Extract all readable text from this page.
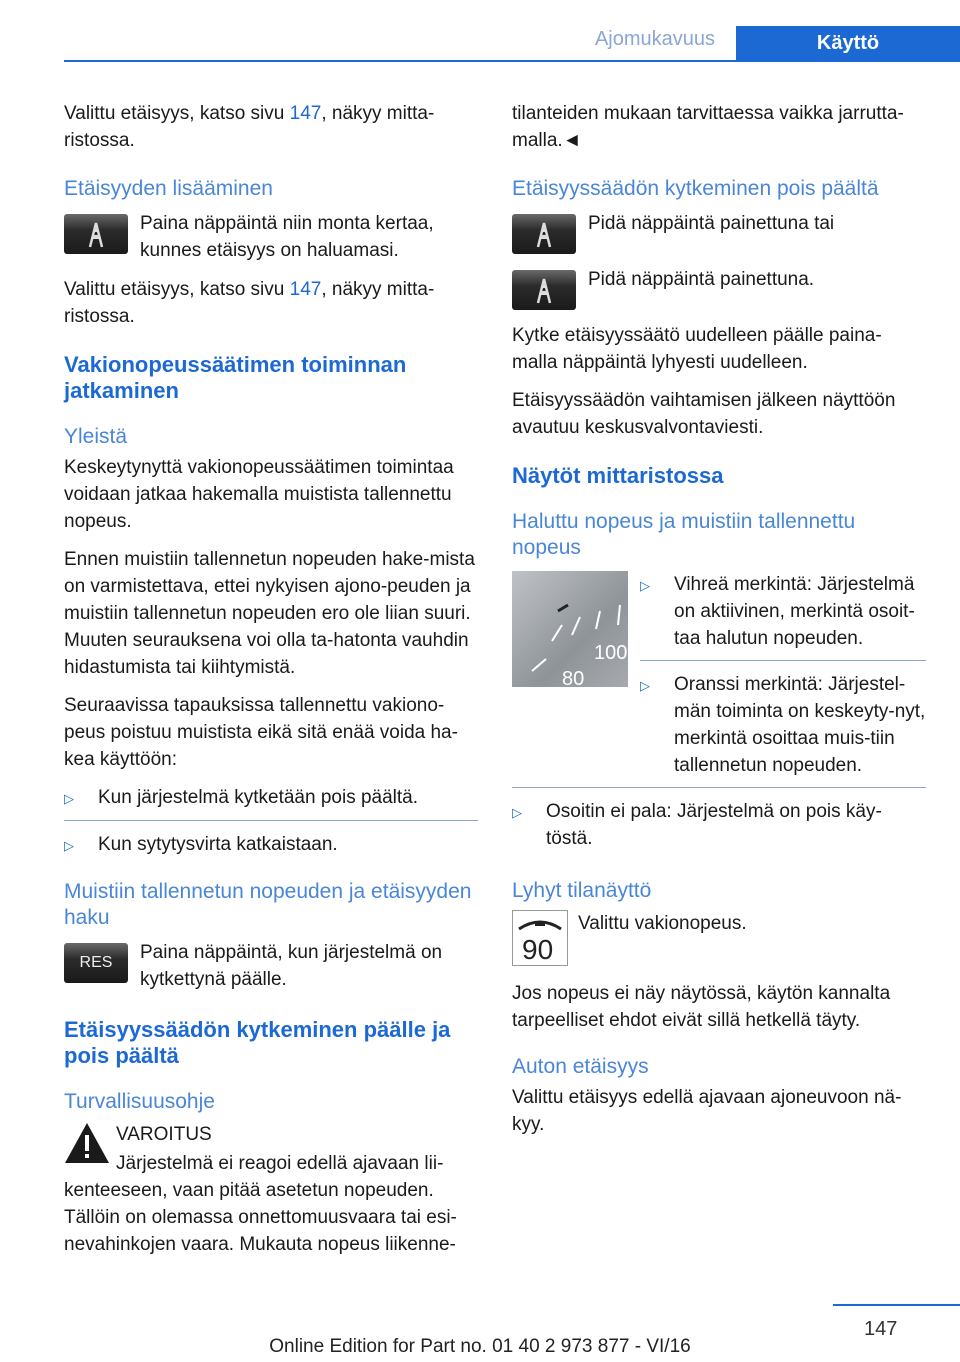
Ajomukavuus	Käyttö

Valittu etäisyys, katso sivu 147, näkyy mitta-ristossa.

Etäisyyden lisääminen
Paina näppäintä niin monta kertaa, kunnes etäisyys on haluamasi.

Valittu etäisyys, katso sivu 147, näkyy mitta-ristossa.

Vakionopeussäätimen toiminnan jatkaminen
Yleistä

Keskeytynyttä vakionopeussäätimen toimintaa voidaan jatkaa hakemalla muistista tallennettu nopeus.

Ennen muistiin tallennetun nopeuden hake-mista on varmistettava, ettei nykyisen ajono-peuden ja muistiin tallennetun nopeuden ero ole liian suuri. Muuten seurauksena voi olla ta-hatonta vauhdin hidastumista tai kiihtymistä.

Seuraavissa tapauksissa tallennettu vakiono-peus poistuu muistista eikä sitä enää voida ha-kea käyttöön:

▷	Kun järjestelmä kytketään pois päältä.
▷	Kun sytytysvirta katkaistaan.
Muistiin tallennetun nopeuden ja etäisyyden haku
RES	Paina näppäintä, kun järjestelmä on kytkettynä päälle.
Etäisyyssäädön kytkeminen päälle ja pois päältä
Turvallisuusohje

VAROITUS

Järjestelmä ei reagoi edellä ajavaan lii-

kenteeseen, vaan pitää asetetun nopeuden. Tällöin on olemassa onnettomuusvaara tai esi-nevahinkojen vaara. Mukauta nopeus liikenne-

tilanteiden mukaan tarvittaessa vaikka jarrutta-malla.◄

Etäisyyssäädön kytkeminen pois päältä
Pidä näppäintä painettuna tai
Pidä näppäintä painettuna.

Kytke etäisyyssäätö uudelleen päälle paina-malla näppäintä lyhyesti uudelleen.

Etäisyyssäädön vaihtamisen jälkeen näyttöön avautuu keskusvalvontaviesti.

Näytöt mittaristossa
Haluttu nopeus ja muistiin tallennettu nopeus
100
80
▷	Vihreä merkintä: Järjestelmä on aktiivinen, merkintä osoit-taa halutun nopeuden.
▷	Oranssi merkintä: Järjestel-män toiminta on keskeyty-nyt, merkintä osoittaa muis-tiin tallennetun nopeuden.
▷	Osoitin ei pala: Järjestelmä on pois käy-töstä.
Lyhyt tilanäyttö
90
Valittu vakionopeus.

Jos nopeus ei näy näytössä, käytön kannalta tarpeelliset ehdot eivät sillä hetkellä täyty.

Auton etäisyys

Valittu etäisyys edellä ajavaan ajoneuvoon nä-kyy.

147
Online Edition for Part no. 01 40 2 973 877 - VI/16
